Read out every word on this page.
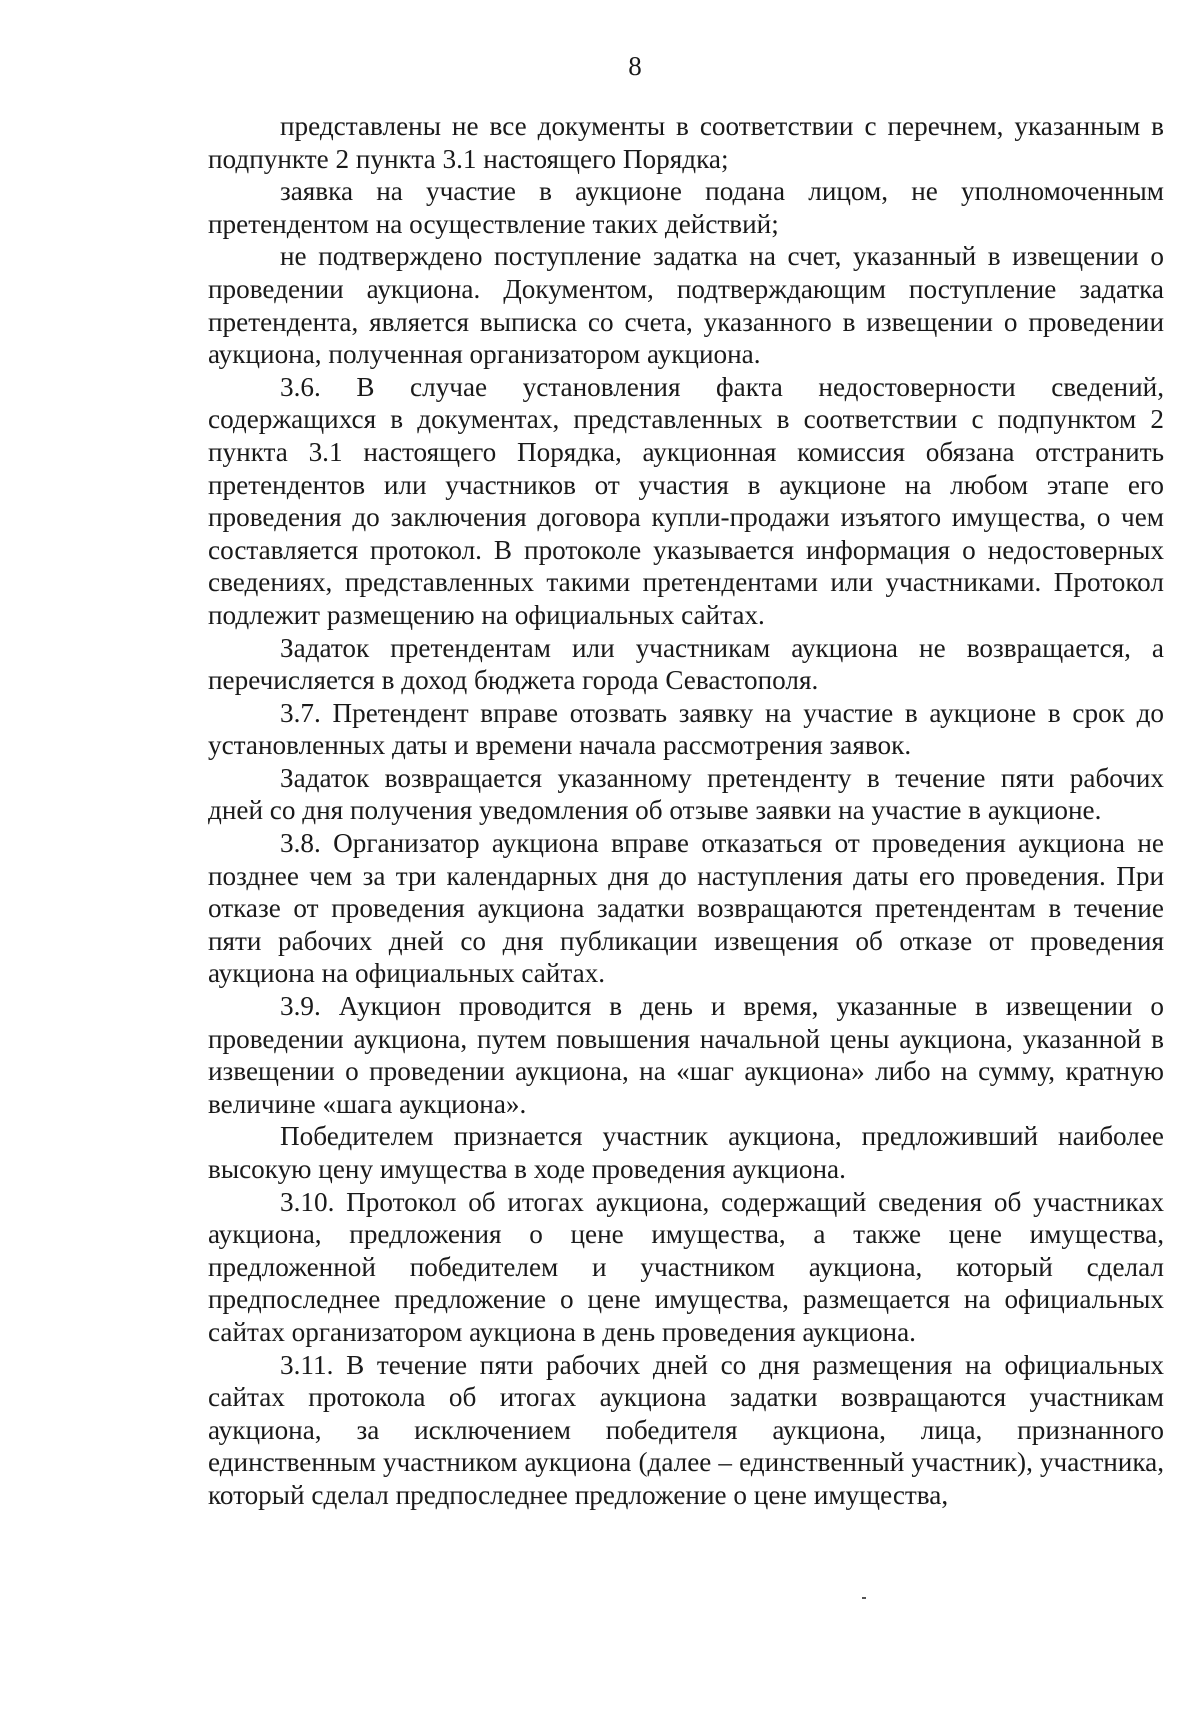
8

представлены не все документы в соответствии с перечнем, указанным в подпункте 2 пункта 3.1 настоящего Порядка;

заявка на участие в аукционе подана лицом, не уполномоченным претендентом на осуществление таких действий;

не подтверждено поступление задатка на счет, указанный в извещении о проведении аукциона. Документом, подтверждающим поступление задатка претендента, является выписка со счета, указанного в извещении о проведении аукциона, полученная организатором аукциона.

3.6. В случае установления факта недостоверности сведений, содержащихся в документах, представленных в соответствии с подпунктом 2 пункта 3.1 настоящего Порядка, аукционная комиссия обязана отстранить претендентов или участников от участия в аукционе на любом этапе его проведения до заключения договора купли-продажи изъятого имущества, о чем составляется протокол. В протоколе указывается информация о недостоверных сведениях, представленных такими претендентами или участниками. Протокол подлежит размещению на официальных сайтах.

Задаток претендентам или участникам аукциона не возвращается, а перечисляется в доход бюджета города Севастополя.

3.7. Претендент вправе отозвать заявку на участие в аукционе в срок до установленных даты и времени начала рассмотрения заявок.

Задаток возвращается указанному претенденту в течение пяти рабочих дней со дня получения уведомления об отзыве заявки на участие в аукционе.

3.8. Организатор аукциона вправе отказаться от проведения аукциона не позднее чем за три календарных дня до наступления даты его проведения. При отказе от проведения аукциона задатки возвращаются претендентам в течение пяти рабочих дней со дня публикации извещения об отказе от проведения аукциона на официальных сайтах.

3.9. Аукцион проводится в день и время, указанные в извещении о проведении аукциона, путем повышения начальной цены аукциона, указанной в извещении о проведении аукциона, на «шаг аукциона» либо на сумму, кратную величине «шага аукциона».

Победителем признается участник аукциона, предложивший наиболее высокую цену имущества в ходе проведения аукциона.

3.10. Протокол об итогах аукциона, содержащий сведения об участниках аукциона, предложения о цене имущества, а также цене имущества, предложенной победителем и участником аукциона, который сделал предпоследнее предложение о цене имущества, размещается на официальных сайтах организатором аукциона в день проведения аукциона.

3.11. В течение пяти рабочих дней со дня размещения на официальных сайтах протокола об итогах аукциона задатки возвращаются участникам аукциона, за исключением победителя аукциона, лица, признанного единственным участником аукциона (далее – единственный участник), участника, который сделал предпоследнее предложение о цене имущества,
